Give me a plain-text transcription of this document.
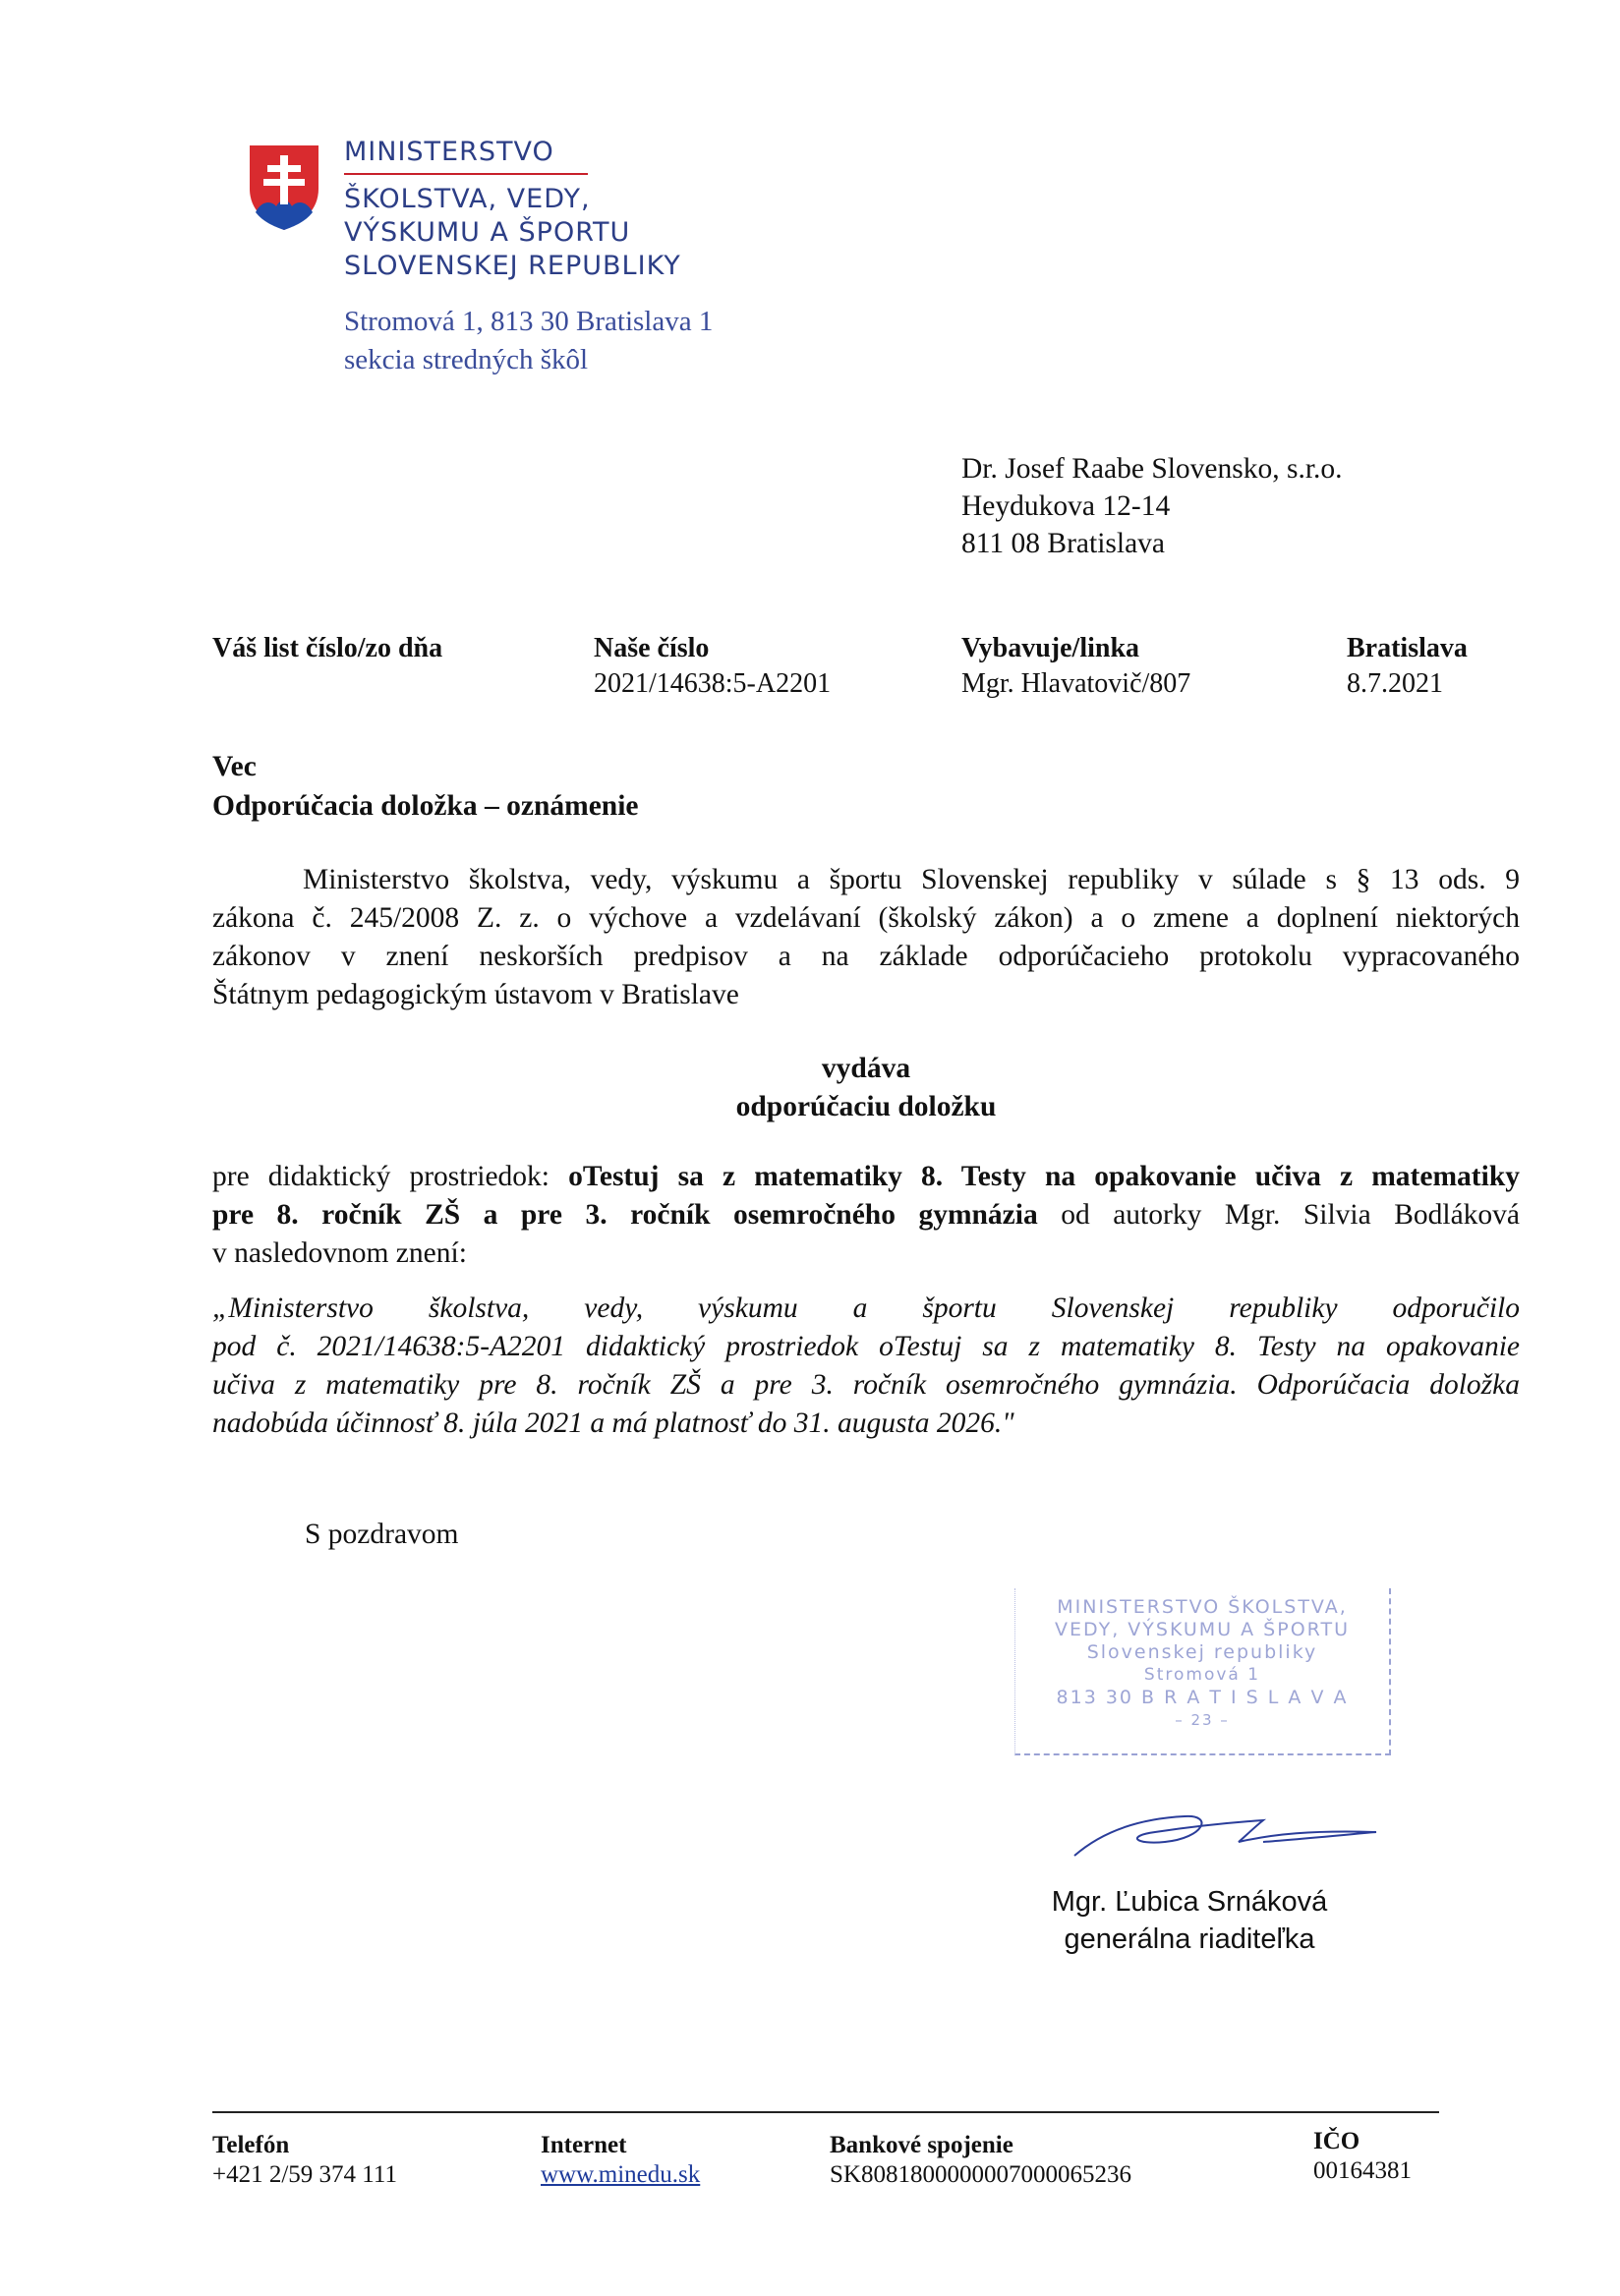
MINISTERSTVO
ŠKOLSTVA, VEDY,
VÝSKUMU A ŠPORTU
SLOVENSKEJ REPUBLIKY
Stromová 1, 813 30 Bratislava 1
sekcia stredných škôl
Dr. Josef Raabe Slovensko, s.r.o.
Heydukova 12-14
811 08 Bratislava
Váš list číslo/zo dňa	Naše číslo
2021/14638:5-A2201
Vybavuje/linka
Mgr. Hlavatovič/807
Bratislava
8.7.2021
Vec
Odporúčacia doložka – oznámenie
Ministerstvo školstva, vedy, výskumu a športu Slovenskej republiky v súlade s § 13 ods. 9
zákona č. 245/2008 Z. z. o výchove a vzdelávaní (školský zákon) a o zmene a doplnení niektorých
zákonov v znení neskorších predpisov a na základe odporúčacieho protokolu vypracovaného
Štátnym pedagogickým ústavom v Bratislave
vydáva
odporúčaciu doložku
pre didaktický prostriedok: oTestuj sa z matematiky 8. Testy na opakovanie učiva z matematiky
pre 8. ročník ZŠ a pre 3. ročník osemročného gymnázia od autorky Mgr. Silvia Bodláková
v nasledovnom znení:
„Ministerstvo školstva, vedy, výskumu a športu Slovenskej republiky odporučilo
pod č. 2021/14638:5-A2201 didaktický prostriedok oTestuj sa z matematiky 8. Testy na opakovanie
učiva z matematiky pre 8. ročník ZŠ a pre 3. ročník osemročného gymnázia. Odporúčacia doložka
nadobúda účinnosť 8. júla 2021 a má platnosť do 31. augusta 2026."
S pozdravom
MINISTERSTVO ŠKOLSTVA,
VEDY, VÝSKUMU A ŠPORTU
Slovenskej republiky
Stromová 1
813 30 B R A T I S L A V A
– 23 –
Mgr. Ľubica Srnáková
generálna riaditeľka
Telefón
+421 2/59 374 111
Internet
www.minedu.sk
Bankové spojenie
SK8081800000007000065236
IČO
00164381
